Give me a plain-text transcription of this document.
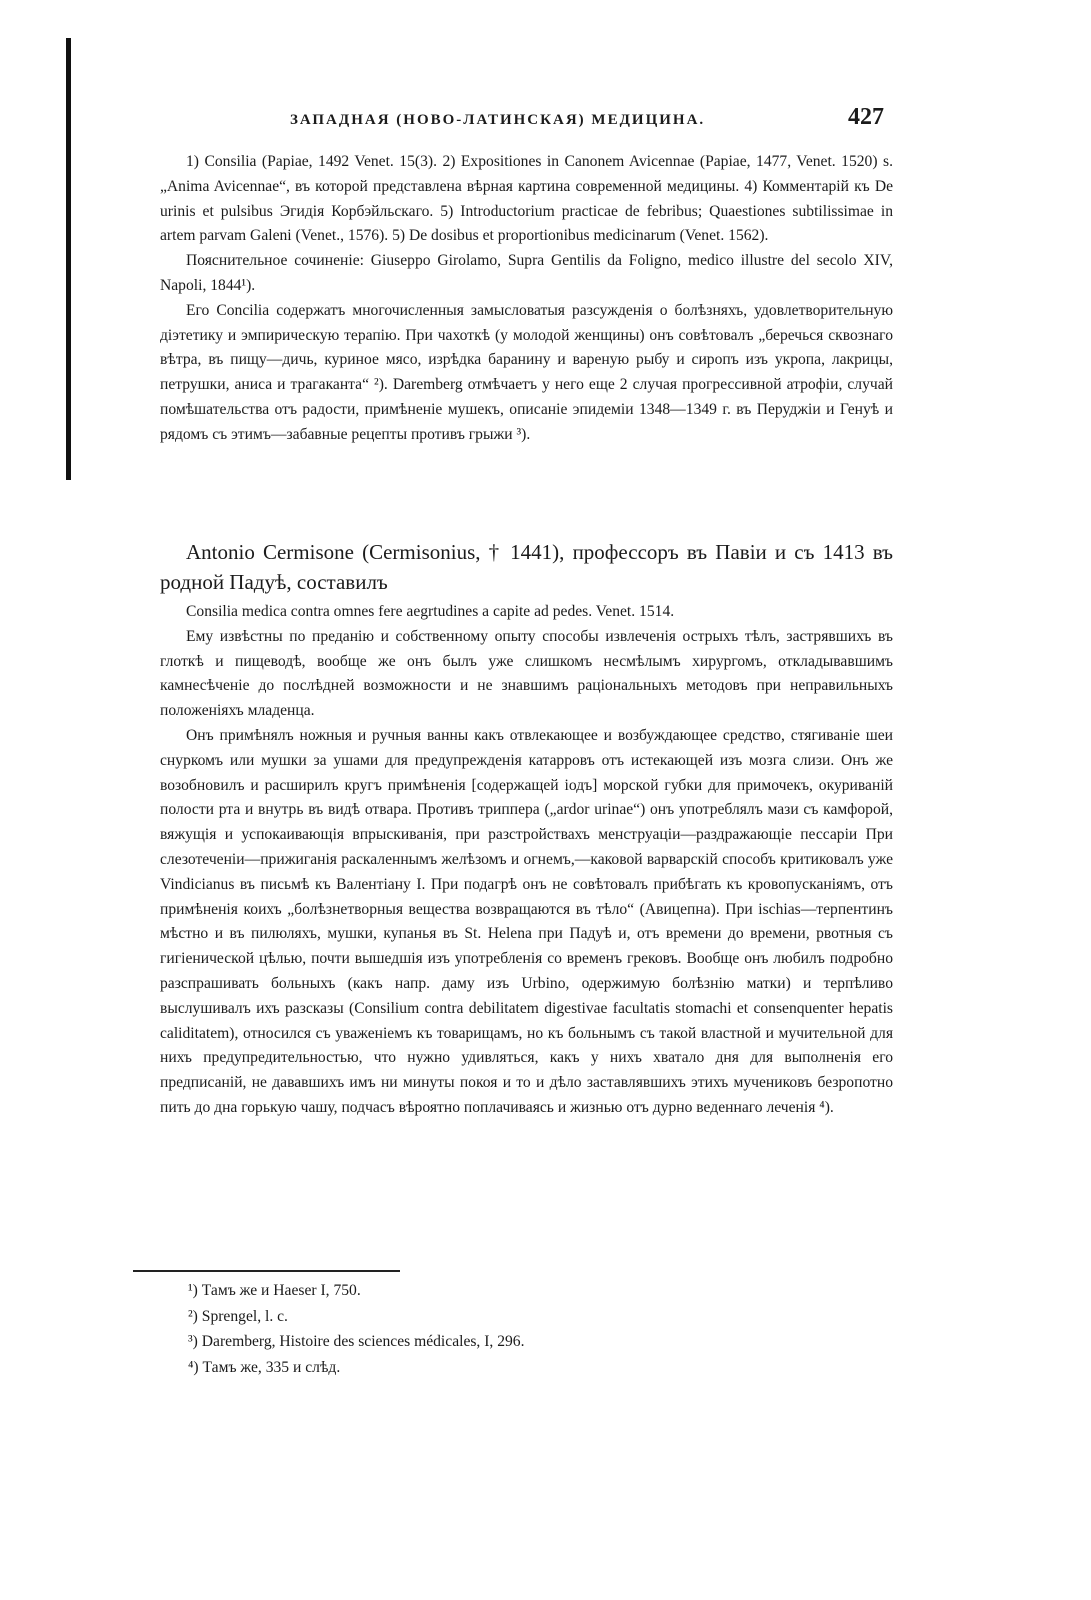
ЗАПАДНАЯ (НОВО-ЛАТИНСКАЯ) МЕДИЦИНА.	427

1) Consilia (Papiae, 1492 Venet. 15(3). 2) Expositiones in Canonem Avicennae (Papiae, 1477, Venet. 1520) s. „Anima Avicennae“, въ которой представлена вѣрная картина современной медицины. 4) Комментарiй къ De urinis et pulsibus Эгидія Корбэйльскаго. 5) Introductorium practicae de febribus; Quaestiones subtilissimae in artem parvam Galeni (Venet., 1576). 5) De dosibus et proportionibus medicinarum (Venet. 1562).

Пояснительное сочиненіе: Giuseppo Girolamo, Supra Gentilis da Foligno, medico illustre del secolo XIV, Napoli, 1844¹).

Его Concilia содержатъ многочисленныя замысловатыя разсужденія о болѣзняхъ, удовлетворительную діэтетику и эмпирическую терапію. При чахоткѣ (у молодой женщины) онъ совѣтовалъ „беречься сквознаго вѣтра, въ пищу—дичь, куриное мясо, изрѣдка баранину и вареную рыбу и сиропъ изъ укропа, лакрицы, петрушки, аниса и трагаканта“ ²). Daremberg отмѣчаетъ у него еще 2 случая прогрессивной атрофіи, случай помѣшательства отъ радости, примѣненіе мушекъ, описаніе эпидеміи 1348—1349 г. въ Перуджіи и Генуѣ и рядомъ съ этимъ—забавные рецепты противъ грыжи ³).

Antonio Cermisone (Cermisonius, † 1441), профессоръ въ Павіи и съ 1413 въ родной Падуѣ, составилъ

Consilia medica contra omnes fere aegrtudines a capite ad pedes. Venet. 1514.

Ему извѣстны по преданію и собственному опыту способы извлеченія острыхъ тѣлъ, застрявшихъ въ глоткѣ и пищеводѣ, вообще же онъ былъ уже слишкомъ несмѣлымъ хирургомъ, откладывавшимъ камнесѣченіе до послѣдней возможности и не знавшимъ раціональныхъ методовъ при неправильныхъ положеніяхъ младенца.

Онъ примѣнялъ ножныя и ручныя ванны какъ отвлекающее и возбуждающее средство, стягиваніе шеи снуркомъ или мушки за ушами для предупрежденія катарровъ отъ истекающей изъ мозга слизи. Онъ же возобновилъ и расширилъ кругъ примѣненія [содержащей іодъ] морской губки для примочекъ, окуриваній полости рта и внутрь въ видѣ отвара. Противъ триппера („ardor urinae“) онъ употреблялъ мази съ камфорой, вяжущія и успокаивающія впрыскиванія, при разстройствахъ менструаціи—раздражающіе пессаріи При слезотеченіи—прижиганія раскаленнымъ желѣзомъ и огнемъ,—каковой варварскій способъ критиковалъ уже Vindicianus въ письмѣ къ Валентіану I. При подагрѣ онъ не совѣтовалъ прибѣгать къ кровопусканіямъ, отъ примѣненія коихъ „болѣзнетворныя вещества возвращаются въ тѣло“ (Авицепна). При ischias—терпентинъ мѣстно и въ пилюляхъ, мушки, купанья въ St. Helena при Падуѣ и, отъ времени до времени, рвотныя съ гигіенической цѣлью, почти вышедшія изъ употребленія со временъ грековъ. Вообще онъ любилъ подробно разспрашивать больныхъ (какъ напр. даму изъ Urbino, одержимую болѣзнію матки) и терпѣливо выслушивалъ ихъ разсказы (Consilium contra debilitatem digestivae facultatis stomachi et consenquenter hepatis caliditatem), относился съ уваженіемъ къ товарищамъ, но къ больнымъ съ такой властной и мучительной для нихъ предупредительностью, что нужно удивляться, какъ у нихъ хватало дня для выполненія его предписаній, не дававшихъ имъ ни минуты покоя и то и дѣло заставлявшихъ этихъ мучениковъ безропотно пить до дна горькую чашу, подчасъ вѣроятно поплачиваясь и жизнью отъ дурно веденнаго леченія ⁴).

¹) Тамъ же и Haeser I, 750.
²) Sprengel, l. c.
³) Daremberg, Histoire des sciences médicales, I, 296.
⁴) Тамъ же, 335 и слѣд.
